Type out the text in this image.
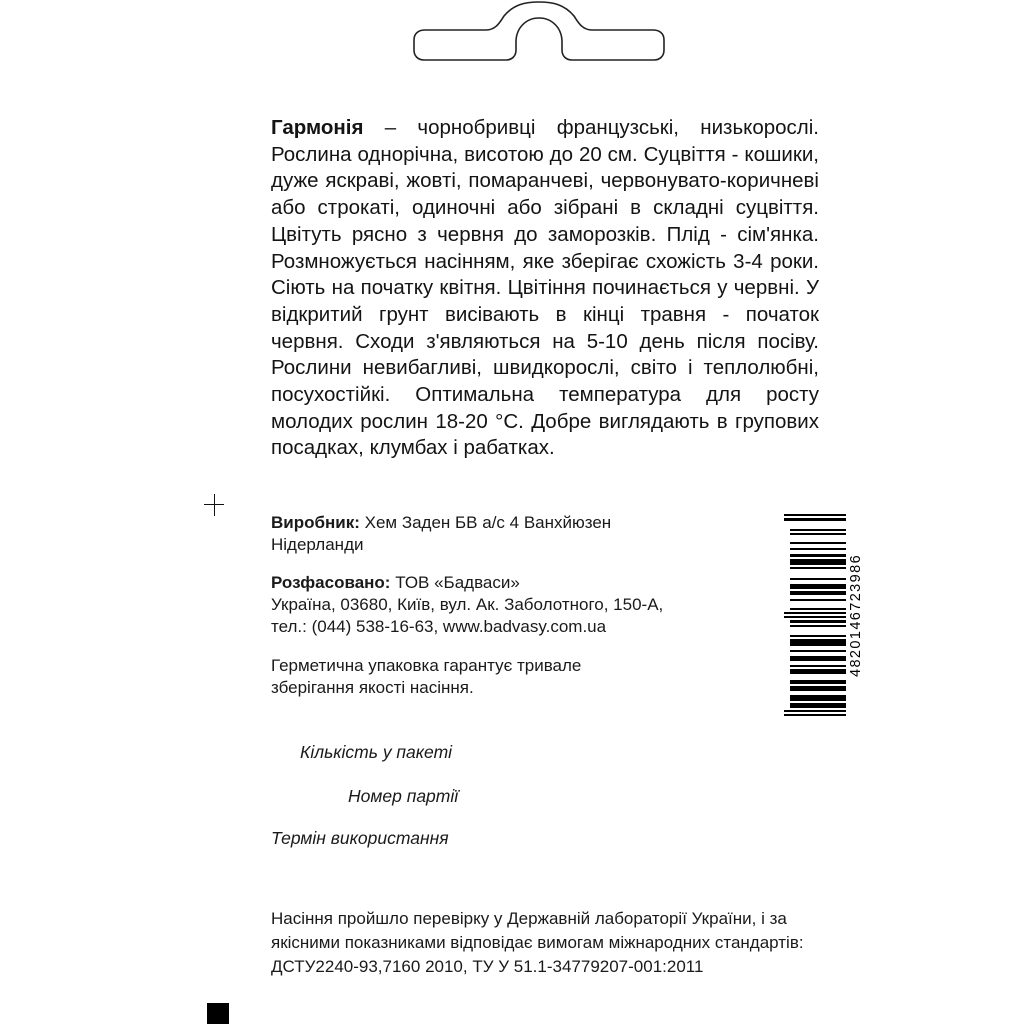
Гармонія – чорнобривці французські, низькорослі. Рослина однорічна, висотою до 20 см. Суцвіття - кошики, дуже яскраві, жовті, помаранчеві, червонувато-коричневі або строкаті, одиночні або зібрані в складні суцвіття. Цвітуть рясно з червня до заморозків. Плід - сім'янка. Розмножується насінням, яке зберігає схожість 3-4 роки. Сіють на початку квітня. Цвітіння починається у червні. У відкритий грунт висівають в кінці травня - початок червня. Сходи з'являються на 5-10 день після посіву. Рослини невибагливі, швидкорослі, світо і теплолюбні, посухостійкі. Оптимальна температура для росту молодих рослин 18-20 °С. Добре виглядають в групових посадках, клумбах і рабатках.
Виробник: Хем Заден БВ а/с 4 Ванхйюзен
Нідерланди
Розфасовано: ТОВ «Бадваси»
Україна, 03680, Київ, вул. Ак. Заболотного, 150-А,
тел.: (044) 538-16-63, www.badvasy.com.ua
Герметична упаковка гарантує тривале
зберігання якості насіння.
Кількість у пакеті
Номер партії
Термін використання
Насіння пройшло перевірку у Державній лабораторії України, і за
якісними показниками відповідає вимогам міжнародних стандартів:
ДСТУ2240-93,7160 2010, ТУ У 51.1-34779207-001:2011
4820146723986
